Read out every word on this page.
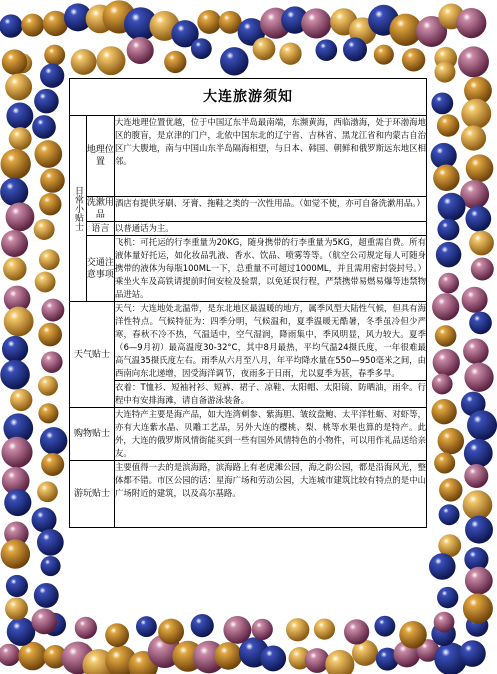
大连旅游须知		
日常小贴士	地理位置	大连地理位置优越，位于中国辽东半岛最南端，东濒黄海，西临渤海，处于环渤海地区的腹盲，是京津的门户，北依中国东北的辽宁省、吉林省、黑龙江省和内蒙古自治区广大腹地，南与中国山东半岛隔海相望，与日本、韩国、朝鲜和俄罗斯远东地区相邻。
	洗漱用品	酒店有提供牙刷、牙膏、拖鞋之类的一次性用品。（如觉不使，亦可自备洗漱用品。）
	语言	以普通话为主。
	交通注意事项	飞机：可托运的行李重量为20KG，随身携带的行李重量为5KG，超重需自费。所有液体量好托运，如化妆品乳液、香水、饮品、喷雾等等。（航空公司规定每人可随身携带的液体为每瓶100ML一下，总重量不可超过1000ML，并且需用密封袋封号。）乘坐火车及高铁请提前时间安检及验票，以免延误行程，严禁携带易燃易爆等违禁物品进站。
天气贴士		天气：大连地处北温带，是东北地区最温暖的地方，属季风型大陆性气候，但具有海洋性特点。气候特征为：四季分明，气候温和，夏季温暖无酷暑，冬季虽冷但少严寒，春秋不冷不热，气温适中，空气湿润，降雨集中，季风明显，风力较大。夏季（6—9月初）最高温度30-32°C，其中8月最热，平均气温24摄氏度，一年很难最高气温35摄氏度左右。雨季从六月至八月，年平均降水量在550—950毫米之间，由西南向东北递增，因受海洋调节，夜雨多于日雨，尤以夏季为甚，春季多旱。
		衣着：T恤衫、短袖衬衫、短裤、裙子、凉鞋、太阳帽、太阳镜、防晒油，雨伞。行程中有安排海滩，请自备游泳装备。
购物贴士		大连特产主要是海产品，如大连湾刺参、紫海胆、皱纹盘鲍、太平洋牡蛎、对虾等，亦有大连紫水晶、贝雕工艺品，另外大连的樱桃、梨、桃等水果也算的是特产。此外，大连的俄罗斯风情街能买到一些有国外风情特色的小物件，可以用作礼品送给亲友。
游玩贴士		主要值得一去的是滨海路，滨海路上有老虎滩公园，海之韵公园，都是沿海风光，整体都不错。市区公园的话：星海广场和劳动公园，大连城市建筑比较有特点的是中山广场附近的建筑，以及高尔基路。
